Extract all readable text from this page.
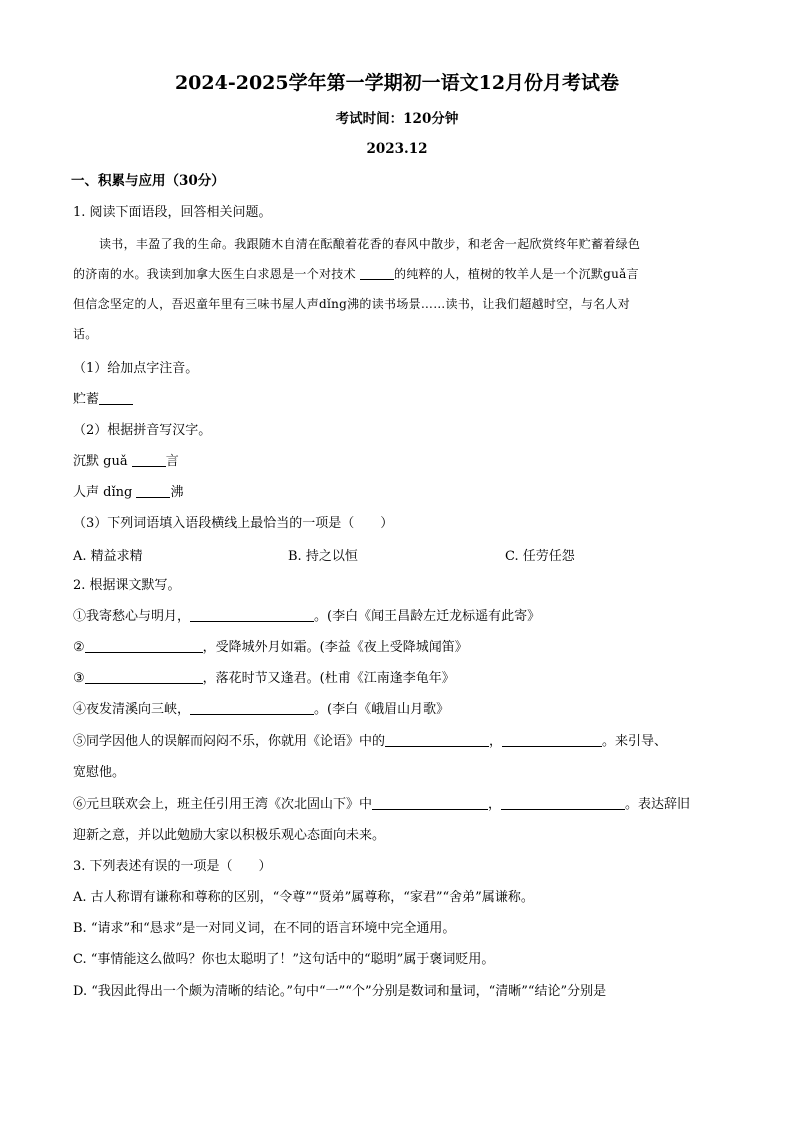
2024-2025学年第一学期初一语文12月份月考试卷
考试时间：120分钟
2023.12
一、积累与应用（30分）
1. 阅读下面语段，回答相关问题。
读书，丰盈了我的生命。我跟随木自清在酝酿着花香的春风中散步，和老舍一起欣赏终年贮蓄着绿色
的济南的水。我读到加拿大医生白求恩是一个对技术	的纯粹的人，植树的牧羊人是一个沉默guǎ言
但信念坚定的人，吾迟童年里有三味书屋人声dǐng沸的读书场景……读书，让我们超越时空，与名人对
话。
（1）给加点字注音。
贮蓄
（2）根据拼音写汉字。
沉默 guǎ	言
人声 dǐng	沸
（3）下列词语填入语段横线上最恰当的一项是（　　）
A. 精益求精	B. 持之以恒	C. 任劳任怨
2. 根据课文默写。
①我寄愁心与明月，	。(李白《闻王昌龄左迁龙标遥有此寄》
②	，受降城外月如霜。(李益《夜上受降城闻笛》
③	，落花时节又逢君。(杜甫《江南逢李龟年》
④夜发清溪向三峡，	。(李白《峨眉山月歌》
⑤同学因他人的误解而闷闷不乐，你就用《论语》中的	，	。来引导、
宽慰他。
⑥元旦联欢会上，班主任引用王湾《次北固山下》中	，	。表达辞旧
迎新之意，并以此勉励大家以积极乐观心态面向未来。
3. 下列表述有误的一项是（　　）
A. 古人称谓有谦称和尊称的区别，“令尊”“贤弟”属尊称，“家君”“舍弟”属谦称。
B. “请求”和“恳求”是一对同义词，在不同的语言环境中完全通用。
C. “事情能这么做吗？你也太聪明了！”这句话中的“聪明”属于褒词贬用。
D. “我因此得出一个颇为清晰的结论。”句中“一”“个”分别是数词和量词，“清晰”“结论”分别是
